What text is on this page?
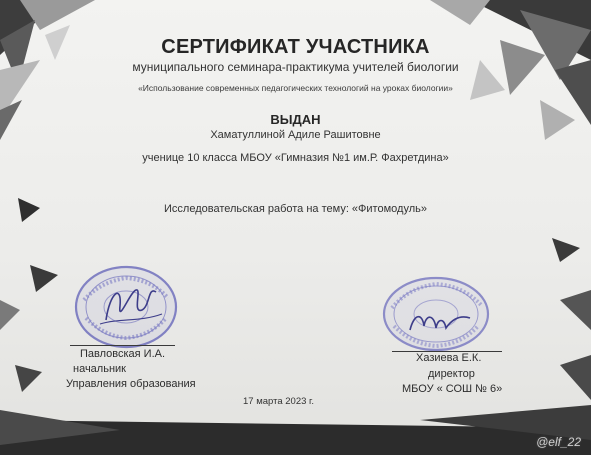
СЕРТИФИКАТ УЧАСТНИКА
муниципального семинара-практикума учителей биологии
«Использование современных педагогических технологий на уроках биологии»
ВЫДАН
Хаматуллиной Адиле Рашитовне
ученице 10 класса МБОУ «Гимназия №1 им.Р. Фахретдина»
Исследовательская работа на тему: «Фитомодуль»
Павловская И.А.
начальник
Управления образования
Хазиева Е.К.
директор
МБОУ « СОШ № 6»
17 марта 2023 г.
@elf_22
